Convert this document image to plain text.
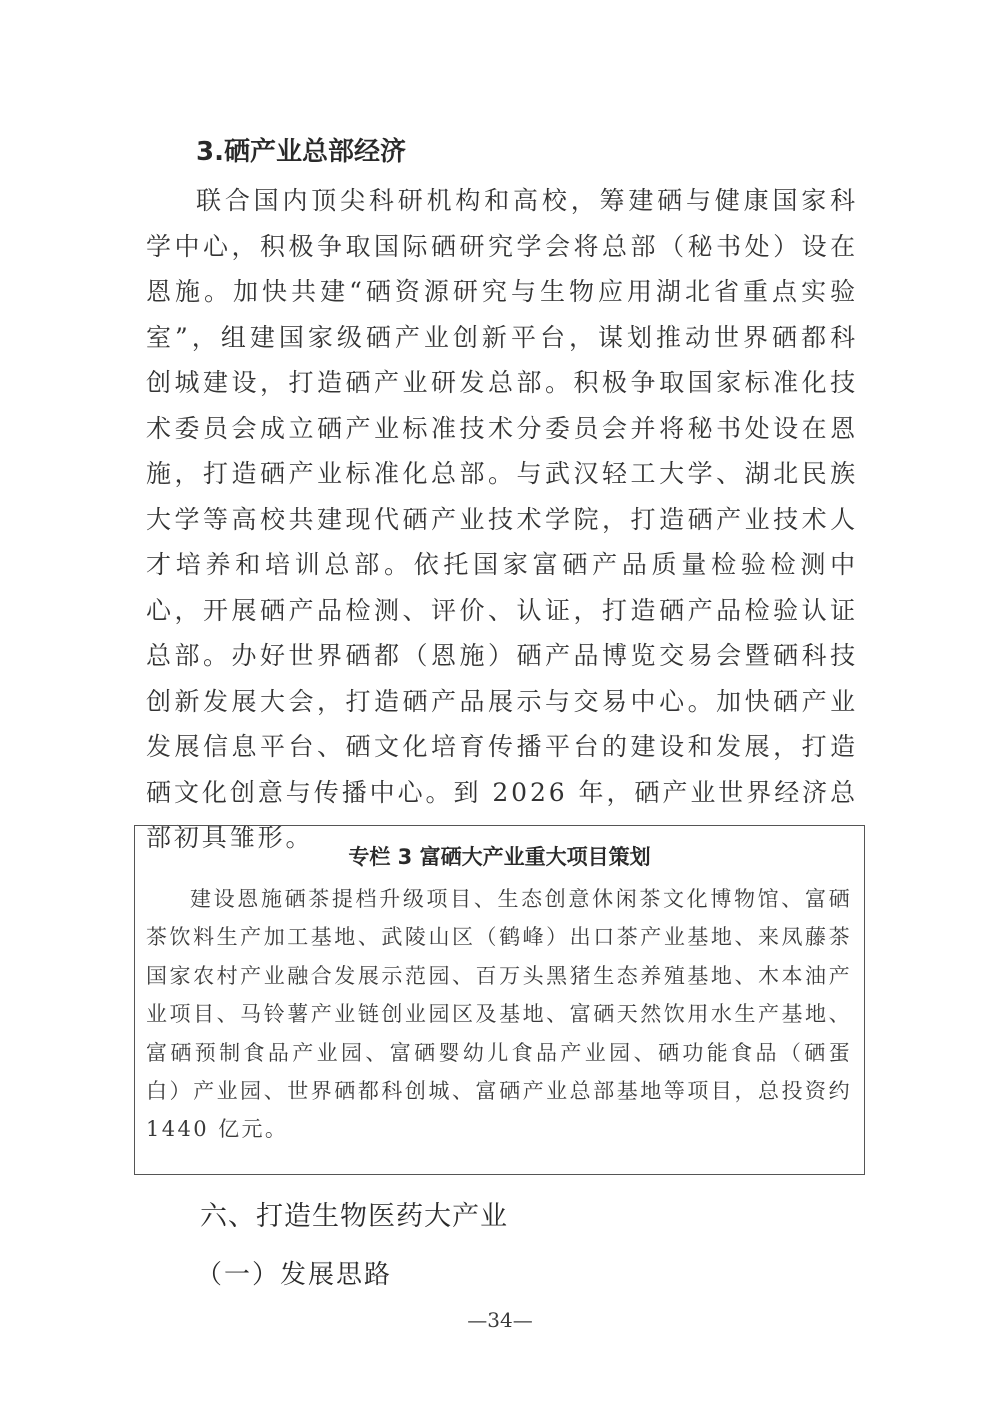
3.硒产业总部经济

联合国内顶尖科研机构和高校，筹建硒与健康国家科学中心，积极争取国际硒研究学会将总部（秘书处）设在恩施。加快共建“硒资源研究与生物应用湖北省重点实验室”，组建国家级硒产业创新平台，谋划推动世界硒都科创城建设，打造硒产业研发总部。积极争取国家标准化技术委员会成立硒产业标准技术分委员会并将秘书处设在恩施，打造硒产业标准化总部。与武汉轻工大学、湖北民族大学等高校共建现代硒产业技术学院，打造硒产业技术人才培养和培训总部。依托国家富硒产品质量检验检测中心，开展硒产品检测、评价、认证，打造硒产品检验认证总部。办好世界硒都（恩施）硒产品博览交易会暨硒科技创新发展大会，打造硒产品展示与交易中心。加快硒产业发展信息平台、硒文化培育传播平台的建设和发展，打造硒文化创意与传播中心。到 2026 年，硒产业世界经济总部初具雏形。

专栏 3 富硒大产业重大项目策划

建设恩施硒茶提档升级项目、生态创意休闲茶文化博物馆、富硒茶饮料生产加工基地、武陵山区（鹤峰）出口茶产业基地、来凤藤茶国家农村产业融合发展示范园、百万头黑猪生态养殖基地、木本油产业项目、马铃薯产业链创业园区及基地、富硒天然饮用水生产基地、富硒预制食品产业园、富硒婴幼儿食品产业园、硒功能食品（硒蛋白）产业园、世界硒都科创城、富硒产业总部基地等项目，总投资约 1440 亿元。

六、打造生物医药大产业
（一）发展思路
—34—
